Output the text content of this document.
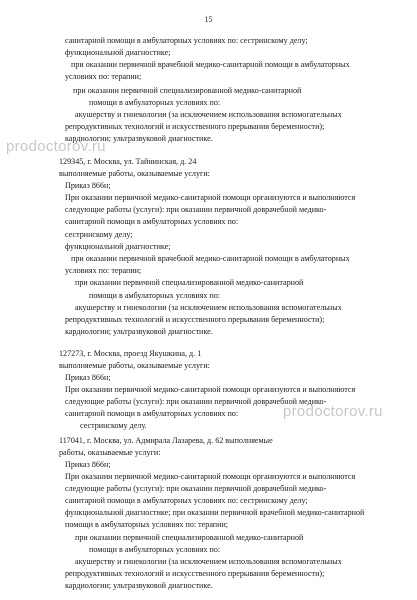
15
санитарной помощи в амбулаторных условиях по: сестринскому делу;
функциональной диагностике;
при оказании первичной врачебной медико-санитарной помощи в амбулаторных
условиях по: терапии;
при оказании первичной специализированной медико-санитарной
помощи в амбулаторных условиях по:
акушерству и гинекологии (за исключением использования вспомогательных
репродуктивных технологий и искусственного прерывания беременности);
кардиологии; ультразвуковой диагностике.
129345, г. Москва, ул. Тайнинская, д. 24
выполняемые работы, оказываемые услуги:
Приказ 866н;
При оказании первичной медико-санитарной помощи организуются и выполняются
следующие работы (услуги): при оказании первичной доврачебной медико-
санитарной помощи в амбулаторных условиях по:
сестринскому делу;
функциональной диагностике;
при оказании первичной врачебной медико-санитарной помощи в амбулаторных
условиях по: терапии;
при оказании первичной специализированной медико-санитарной
помощи в амбулаторных условиях по:
акушерству и гинекологии (за исключением использования вспомогательных
репродуктивных технологий и искусственного прерывания беременности);
кардиологии; ультразвуковой диагностике.
127273, г. Москва, проезд Якушкина, д. 1
выполняемые работы, оказываемые услуги:
Приказ 866н;
При оказании первичной медико-санитарной помощи организуются и выполняются
следующие работы (услуги): при оказании первичной доврачебной медико-
санитарной помощи в амбулаторных условиях по:
сестринскому делу.
117041, г. Москва, ул. Адмирала Лазарева, д. 62 выполняемые
работы, оказываемые услуги:
Приказ 866н;
При оказании первичной медико-санитарной помощи организуются и выполняются
следующие работы (услуги): при оказании первичной доврачебной медико-
санитарной помощи в амбулаторных условиях по: сестринскому делу;
функциональной диагностике; при оказании первичной врачебной медико-санитарной
помощи в амбулаторных условиях по: терапии;
при оказании первичной специализированной медико-санитарной
помощи в амбулаторных условиях по:
акушерству и гинекологии (за исключением использования вспомогательных
репродуктивных технологий и искусственного прерывания беременности);
кардиологии; ультразвуковой диагностике.
prodoctorov.ru
prodoctorov.ru
